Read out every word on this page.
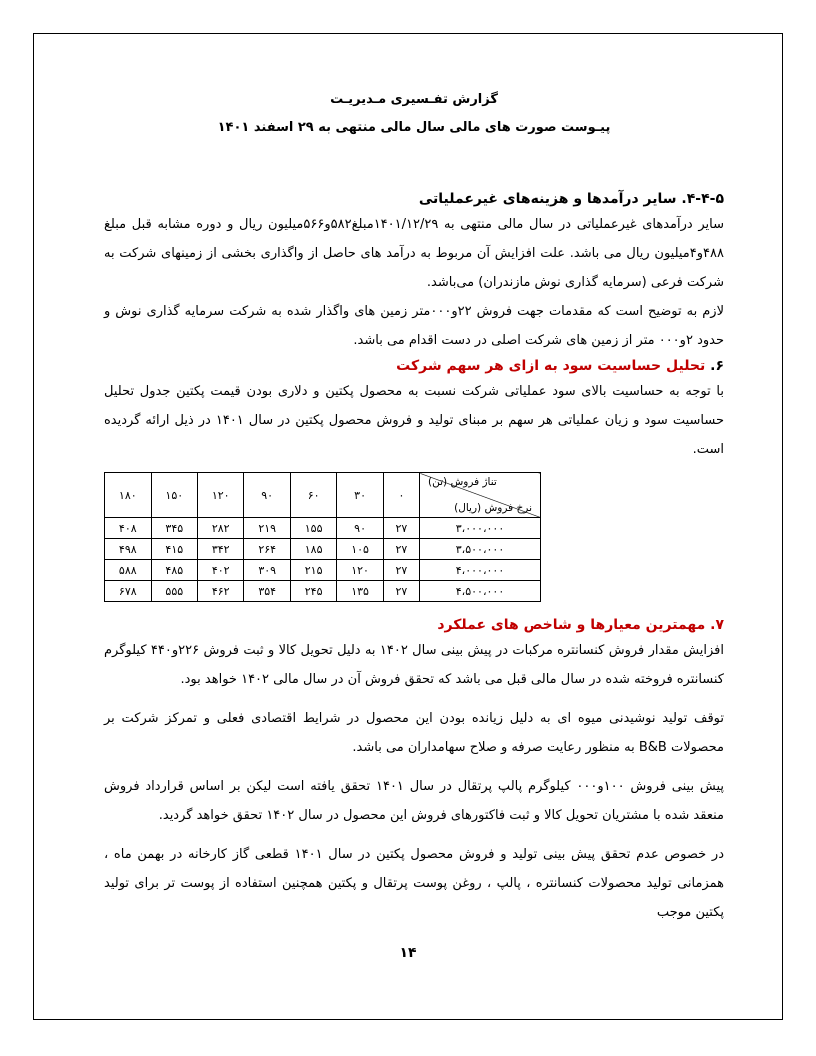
گزارش تفـسیری مـدیریـت
پیـوست صورت های مالی سال مالی منتهی به ۲۹ اسفند ۱۴۰۱
۴-۴-۵. سایر درآمدها و هزینه‌های غیرعملیاتی
سایر درآمدهای غیرعملیاتی در سال مالی منتهی به ۱۴۰۱/۱۲/۲۹مبلغ۵۸۲و۵۶۶میلیون ریال و دوره مشابه قبل مبلغ ۴۸۸و۴میلیون ریال می باشد. علت افزایش آن مربوط به درآمد های حاصل از واگذاری بخشی از زمینهای شرکت به شرکت فرعی (سرمایه گذاری نوش مازندران) می‌باشد.
لازم به توضیح است که مقدمات جهت فروش ۲۲و۰۰۰متر زمین های واگذار شده به شرکت سرمایه گذاری نوش و حدود ۲و۰۰۰ متر از زمین های شرکت اصلی در دست اقدام می باشد.
۶. تحلیل حساسیت سود به ازای هر سهم شرکت
با توجه به حساسیت بالای سود عملیاتی شرکت نسبت به محصول پکتین و دلاری بودن قیمت پکتین جدول تحلیل حساسیت سود و زیان عملیاتی هر سهم بر مبنای تولید و فروش محصول پکتین در سال ۱۴۰۱ در ذیل ارائه گردیده است.
تناژ فروش (تن)
نرخ فروش (ریال)	۰	۳۰	۶۰	۹۰	۱۲۰	۱۵۰	۱۸۰
۳،۰۰۰،۰۰۰	۲۷	۹۰	۱۵۵	۲۱۹	۲۸۲	۳۴۵	۴۰۸
۳،۵۰۰،۰۰۰	۲۷	۱۰۵	۱۸۵	۲۶۴	۳۴۲	۴۱۵	۴۹۸
۴،۰۰۰،۰۰۰	۲۷	۱۲۰	۲۱۵	۳۰۹	۴۰۲	۴۸۵	۵۸۸
۴،۵۰۰،۰۰۰	۲۷	۱۳۵	۲۴۵	۳۵۴	۴۶۲	۵۵۵	۶۷۸
۷. مهمترین معیارها و شاخص های عملکرد
افزایش مقدار فروش کنسانتره مرکبات در پیش بینی سال ۱۴۰۲ به دلیل تحویل کالا و ثبت فروش ۲۲۶و۴۴۰ کیلوگرم کنسانتره فروخته شده در سال مالی قبل می باشد که تحقق فروش آن در سال مالی ۱۴۰۲ خواهد بود.
توقف تولید نوشیدنی میوه ای به دلیل زیانده بودن این محصول در شرایط اقتصادی فعلی و تمرکز شرکت بر محصولات B&B به منظور رعایت صرفه و صلاح سهامداران می باشد.
پیش بینی فروش ۱۰۰و۰۰۰ کیلوگرم پالپ پرتقال در سال ۱۴۰۱ تحقق یافته است لیکن بر اساس قرارداد فروش منعقد شده با مشتریان تحویل کالا و ثبت فاکتورهای فروش این محصول در سال ۱۴۰۲ تحقق خواهد گردید.
در خصوص عدم تحقق پیش بینی تولید و فروش محصول پکتین در سال ۱۴۰۱ قطعی گاز کارخانه در بهمن ماه ، همزمانی تولید محصولات کنسانتره ، پالپ ، روغن پوست پرتقال و پکتین همچنین استفاده از پوست تر برای تولید پکتین موجب
۱۴
